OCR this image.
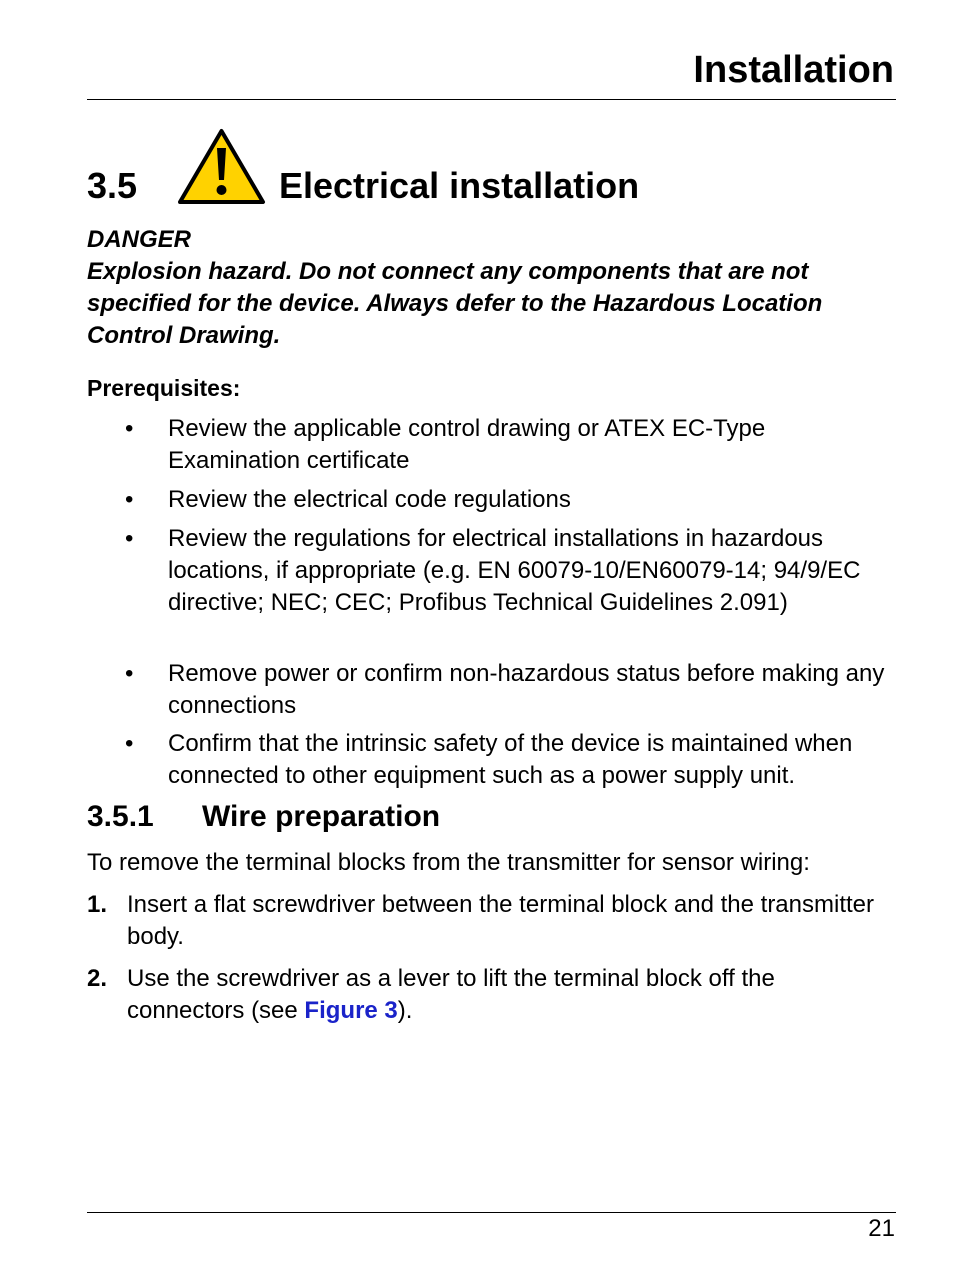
Installation
3.5	Electrical installation
DANGER
Explosion hazard. Do not connect any components that are not specified for the device. Always defer to the Hazardous Location Control Drawing.
Prerequisites:
• Review the applicable control drawing or ATEX EC-Type Examination certificate
• Review the electrical code regulations
• Review the regulations for electrical installations in hazardous locations, if appropriate (e.g. EN 60079-10/EN60079-14; 94/9/EC directive; NEC; CEC; Profibus Technical Guidelines 2.091)
• Remove power or confirm non-hazardous status before making any connections
• Confirm that the intrinsic safety of the device is maintained when connected to other equipment such as a power supply unit.
3.5.1 Wire preparation
To remove the terminal blocks from the transmitter for sensor wiring:
1. Insert a flat screwdriver between the terminal block and the transmitter body.
2. Use the screwdriver as a lever to lift the terminal block off the connectors (see Figure 3).
21
